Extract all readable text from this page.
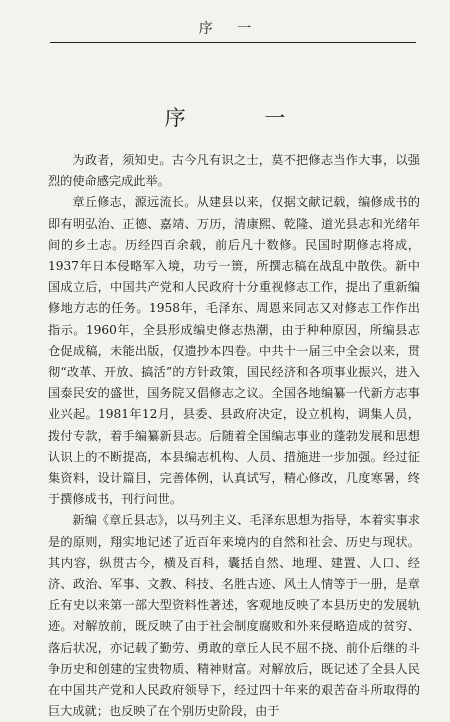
序 一
序 一

为政者，须知史。古今凡有识之士，莫不把修志当作大事，以强烈的使命感完成此举。

章丘修志，源远流长。从建县以来，仅据文献记载，编修成书的即有明弘治、正德、嘉靖、万历，清康熙、乾隆、道光县志和光绪年间的乡土志。历经四百余载，前后凡十数修。民国时期修志将成，1937年日本侵略军入境，功亏一篑，所撰志稿在战乱中散佚。新中国成立后，中国共产党和人民政府十分重视修志工作，提出了重新编修地方志的任务。1958年，毛泽东、周恩来同志又对修志工作作出指示。1960年，全县形成编史修志热潮，由于种种原因，所编县志仓促成稿，未能出版，仅遗抄本四卷。中共十一届三中全会以来，贯彻“改革、开放、搞活”的方针政策，国民经济和各项事业振兴，进入国泰民安的盛世，国务院又倡修志之议。全国各地编纂一代新方志事业兴起。1981年12月，县委、县政府决定，设立机构，调集人员，拨付专款，着手编纂新县志。后随着全国编志事业的蓬勃发展和思想认识上的不断提高，本县编志机构、人员、措施进一步加强。经过征集资料，设计篇目，完善体例，认真试写，精心修改，几度寒暑，终于撰修成书，刊行问世。

新编《章丘县志》，以马列主义、毛泽东思想为指导，本着实事求是的原则，翔实地记述了近百年来境内的自然和社会、历史与现状。其内容，纵贯古今，横及百科，囊括自然、地理、建置、人口、经济、政治、军事、文教、科技、名胜古迹、风土人情等于一册，是章丘有史以来第一部大型资料性著述，客观地反映了本县历史的发展轨迹。对解放前，既反映了由于社会制度腐败和外来侵略造成的贫穷、落后状况，亦记载了勤劳、勇敢的章丘人民不屈不挠、前仆后继的斗争历史和创建的宝贵物质、精神财富。对解放后，既记述了全县人民在中国共产党和人民政府领导下，经过四十年来的艰苦奋斗所取得的巨大成就；也反映了在个别历史阶段，由于
